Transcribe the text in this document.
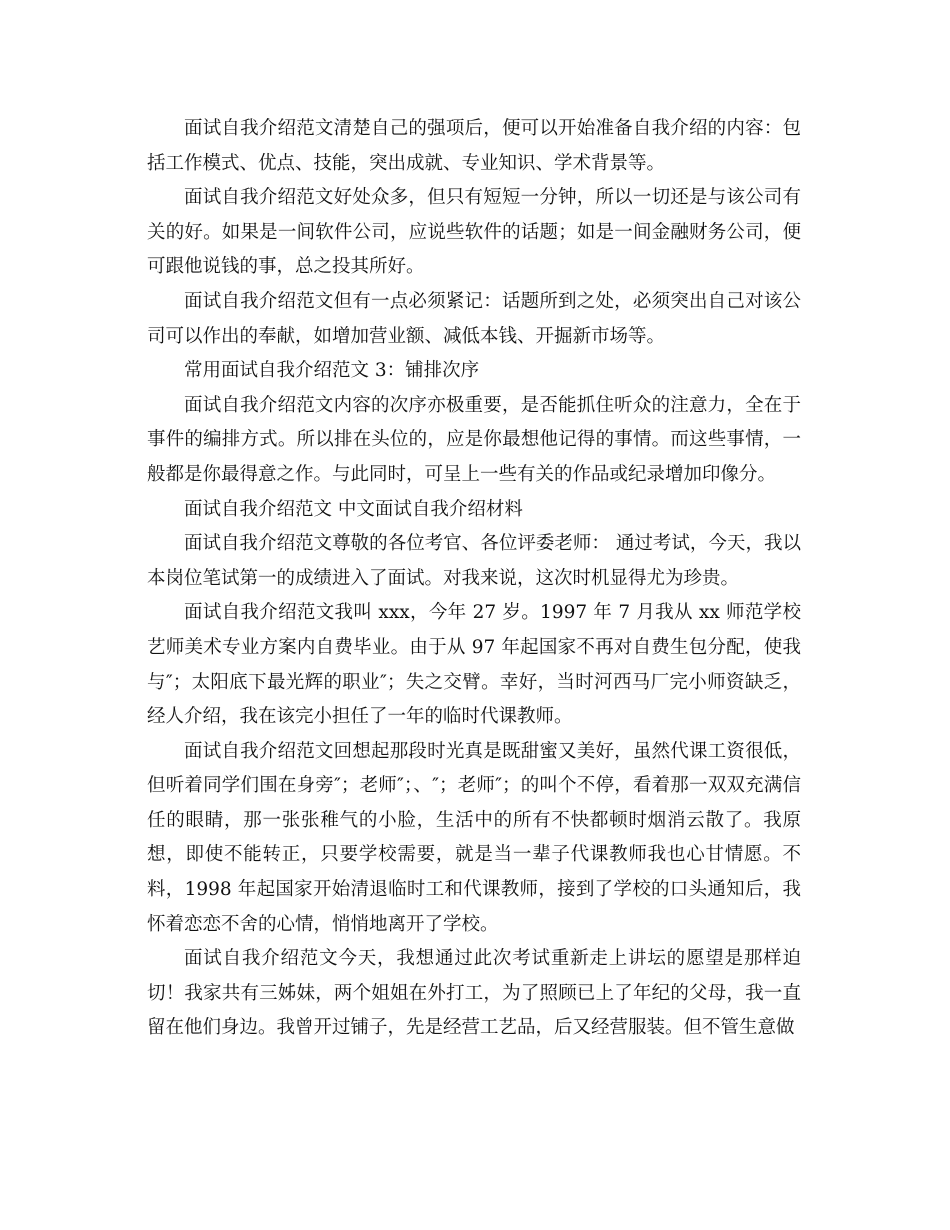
面试自我介绍范文清楚自己的强项后，便可以开始准备自我介绍的内容：包括工作模式、优点、技能，突出成就、专业知识、学术背景等。

面试自我介绍范文好处众多，但只有短短一分钟，所以一切还是与该公司有关的好。如果是一间软件公司，应说些软件的话题；如是一间金融财务公司，便可跟他说钱的事，总之投其所好。

面试自我介绍范文但有一点必须紧记：话题所到之处，必须突出自己对该公司可以作出的奉献，如增加营业额、减低本钱、开掘新市场等。

常用面试自我介绍范文 3：铺排次序

面试自我介绍范文内容的次序亦极重要，是否能抓住听众的注意力，全在于事件的编排方式。所以排在头位的，应是你最想他记得的事情。而这些事情，一般都是你最得意之作。与此同时，可呈上一些有关的作品或纪录增加印像分。

面试自我介绍范文 中文面试自我介绍材料

面试自我介绍范文尊敬的各位考官、各位评委老师： 通过考试，今天，我以本岗位笔试第一的成绩进入了面试。对我来说，这次时机显得尤为珍贵。

面试自我介绍范文我叫 xxx，今年 27 岁。1997 年 7 月我从 xx 师范学校艺师美术专业方案内自费毕业。由于从 97 年起国家不再对自费生包分配，使我与″；太阳底下最光辉的职业″；失之交臂。幸好，当时河西马厂完小师资缺乏，经人介绍，我在该完小担任了一年的临时代课教师。

面试自我介绍范文回想起那段时光真是既甜蜜又美好，虽然代课工资很低，但听着同学们围在身旁″；老师″；、″；老师″；的叫个不停，看着那一双双充满信任的眼睛，那一张张稚气的小脸，生活中的所有不快都顿时烟消云散了。我原想，即使不能转正，只要学校需要，就是当一辈子代课教师我也心甘情愿。不料，1998 年起国家开始清退临时工和代课教师，接到了学校的口头通知后，我怀着恋恋不舍的心情，悄悄地离开了学校。

面试自我介绍范文今天，我想通过此次考试重新走上讲坛的愿望是那样迫切！我家共有三姊妹，两个姐姐在外打工，为了照顾已上了年纪的父母，我一直留在他们身边。我曾开过铺子，先是经营工艺品，后又经营服装。但不管生意做
